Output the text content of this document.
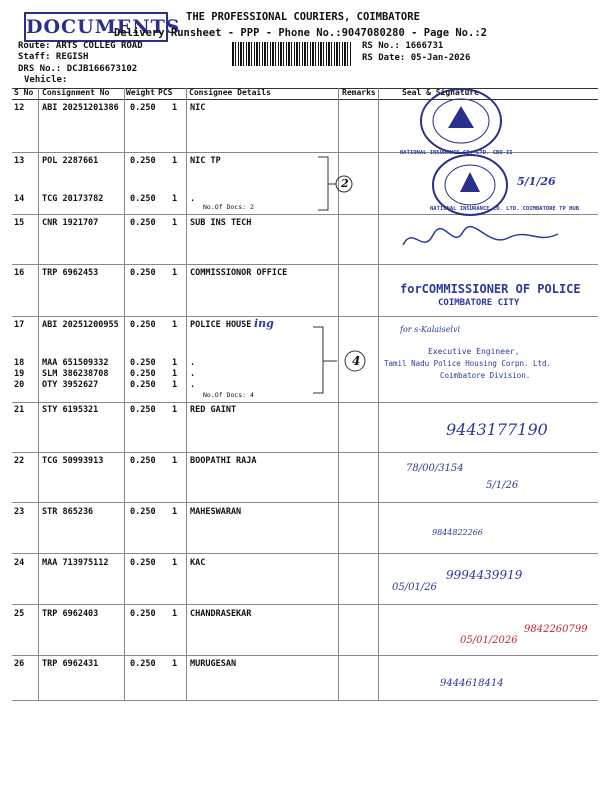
DOCUMENTS THE PROFESSIONAL COURIERS, COIMBATORE
Delivery Runsheet - PPP - Phone No.:9047080280 - Page No.:2
Route: ARTS COLLEG ROAD
Staff: REGISH
DRS No.: DCJB166673102
Vehicle:
RS No.: 1666731
RS Date: 05-Jan-2026
S No Consignment No Weight PCS Consignee Details	Remarks	Seal & Signature
12 ABI 20251201386 0.250 1 NIC
13 POL 2287661	0.250 1 NIC TP
14 TCG 20173782	0.250 1 .
15 CNR 1921707	0.250 1 SUB INS TECH
16 TRP 6962453	0.250 1 COMMISSIONOR OFFICE
17 ABI 20251200955 0.250 1 POLICE HOUSE
18 MAA 651509332	0.250 1 .
19 SLM 386238708	0.250 1 .
20 OTY 3952627	0.250 1 .
21 STY 6195321	0.250 1 RED GAINT
22 TCG 50993913	0.250 1 BOOPATHI RAJA
23 STR 865236	0.250 1 MAHESWARAN
24 MAA 713975112	0.250 1 KAC
25 TRP 6962403	0.250 1 CHANDRASEKAR
26 TRP 6962431	0.250 1 MURUGESAN
No.Of Docs: 2
No.Of Docs: 4
ing
2
4
NATIONAL INSURANCE CO. LTD. CBO-II
NATIONAL INSURANCE CO. LTD. COIMBATORE TP HUB
5/1/26
forCOMMISSIONER OF POLICE
COIMBATORE CITY
for s-Kalaiselvi
Executive Engineer,
Tamil Nadu Police Housing Corpn. Ltd.
Coimbatore Division.
9443177190
78/00/3154
5/1/26
9844822266
05/01/26
9994439919
05/01/2026
9842260799
9444618414
